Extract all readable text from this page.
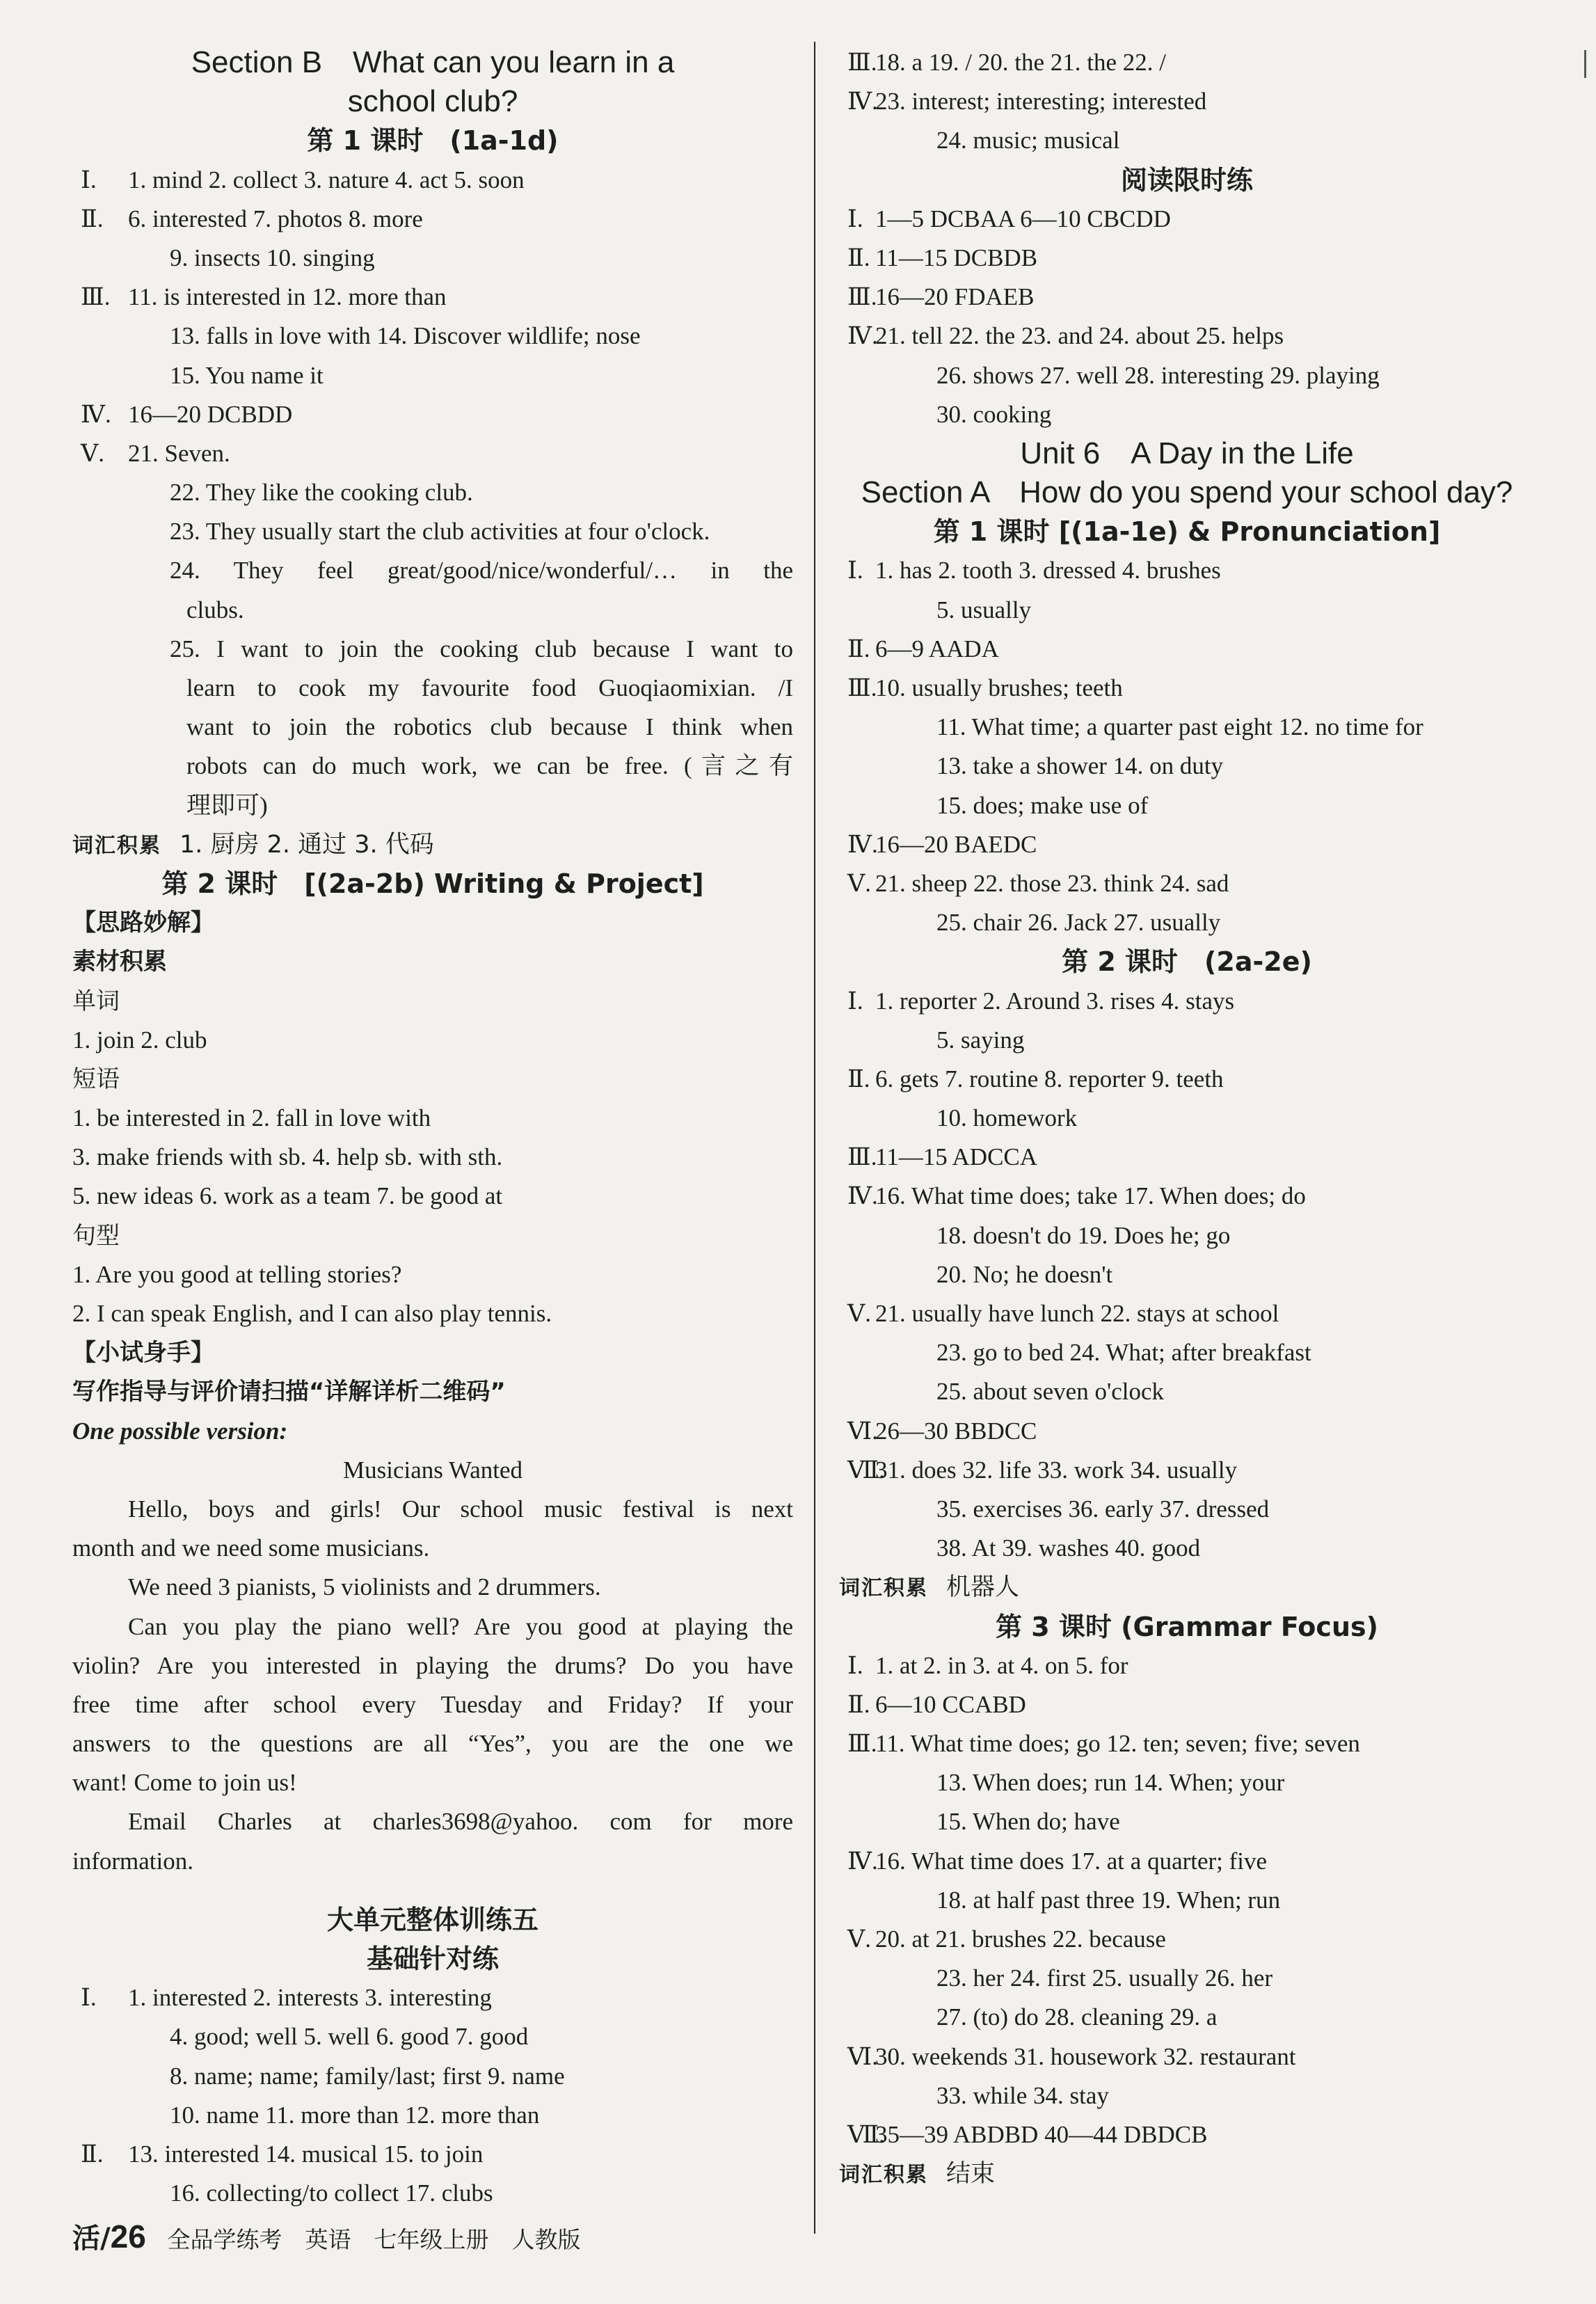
Section B　What can you learn in a
school club?
第 1 课时　(1a-1d)
Ⅰ. 1. mind 2. collect 3. nature 4. act 5. soon
Ⅱ. 6. interested 7. photos 8. more
9. insects 10. singing
Ⅲ. 11. is interested in 12. more than
13. falls in love with 14. Discover wildlife; nose
15. You name it
Ⅳ. 16—20 DCBDD
Ⅴ. 21. Seven.
22. They like the cooking club.
23. They usually start the club activities at four o'clock.
24. They feel great/good/nice/wonderful/… in the
clubs.
25. I want to join the cooking club because I want to
learn to cook my favourite food Guoqiaomixian. /I
want to join the robotics club because I think when
robots can do much work, we can be free. (言之有
理即可)
词汇积累 1. 厨房 2. 通过 3. 代码
第 2 课时　[(2a-2b) Writing & Project]
【思路妙解】
素材积累
单词
1. join 2. club
短语
1. be interested in 2. fall in love with
3. make friends with sb. 4. help sb. with sth.
5. new ideas 6. work as a team 7. be good at
句型
1. Are you good at telling stories?
2. I can speak English, and I can also play tennis.
【小试身手】
写作指导与评价请扫描“详解详析二维码”
One possible version:
Musicians Wanted
Hello, boys and girls! Our school music festival is next
month and we need some musicians.
We need 3 pianists, 5 violinists and 2 drummers.
Can you play the piano well? Are you good at playing the
violin? Are you interested in playing the drums? Do you have
free time after school every Tuesday and Friday? If your
answers to the questions are all “Yes”, you are the one we
want! Come to join us!
Email Charles at charles3698@yahoo. com for more
information.
大单元整体训练五
基础针对练
Ⅰ. 1. interested 2. interests 3. interesting
4. good; well 5. well 6. good 7. good
8. name; name; family/last; first 9. name
10. name 11. more than 12. more than
Ⅱ. 13. interested 14. musical 15. to join
16. collecting/to collect 17. clubs
Ⅲ.
18. a 19. / 20. the 21. the 22. /
Ⅳ.
23. interest; interesting; interested
24. music; musical
阅读限时练
Ⅰ. 1—5 DCBAA 6—10 CBCDD
Ⅱ. 11—15 DCBDB
Ⅲ.
16—20 FDAEB
Ⅳ.
21. tell 22. the 23. and 24. about 25. helps
26. shows 27. well 28. interesting 29. playing
30. cooking
Unit 6　A Day in the Life
Section A　How do you spend your school day?
第 1 课时 [(1a-1e) & Pronunciation]
Ⅰ. 1. has 2. tooth 3. dressed 4. brushes
5. usually
Ⅱ. 6—9 AADA
Ⅲ.
10. usually brushes; teeth
11. What time; a quarter past eight 12. no time for
13. take a shower 14. on duty
15. does; make use of
Ⅳ.
16—20 BAEDC
Ⅴ. 21. sheep 22. those 23. think 24. sad
25. chair 26. Jack 27. usually
第 2 课时　(2a-2e)
Ⅰ. 1. reporter 2. Around 3. rises 4. stays
5. saying
Ⅱ. 6. gets 7. routine 8. reporter 9. teeth
10. homework
Ⅲ.
11—15 ADCCA
Ⅳ.
16. What time does; take 17. When does; do
18. doesn't do 19. Does he; go
20. No; he doesn't
Ⅴ. 21. usually have lunch 22. stays at school
23. go to bed 24. What; after breakfast
25. about seven o'clock
Ⅵ.
26—30 BBDCC
Ⅶ.
31. does 32. life 33. work 34. usually
35. exercises 36. early 37. dressed
38. At 39. washes 40. good
词汇积累 机器人
第 3 课时 (Grammar Focus)
Ⅰ. 1. at 2. in 3. at 4. on 5. for
Ⅱ. 6—10 CCABD
Ⅲ.
11. What time does; go 12. ten; seven; five; seven
13. When does; run 14. When; your
15. When do; have
Ⅳ.
16. What time does 17. at a quarter; five
18. at half past three 19. When; run
Ⅴ. 20. at 21. brushes 22. because
23. her 24. first 25. usually 26. her
27. (to) do 28. cleaning 29. a
Ⅵ.
30. weekends 31. housework 32. restaurant
33. while 34. stay
Ⅶ.
35—39 ABDBD 40—44 DBDCB
词汇积累 结束
活/26 全品学练考　英语　七年级上册　人教版
